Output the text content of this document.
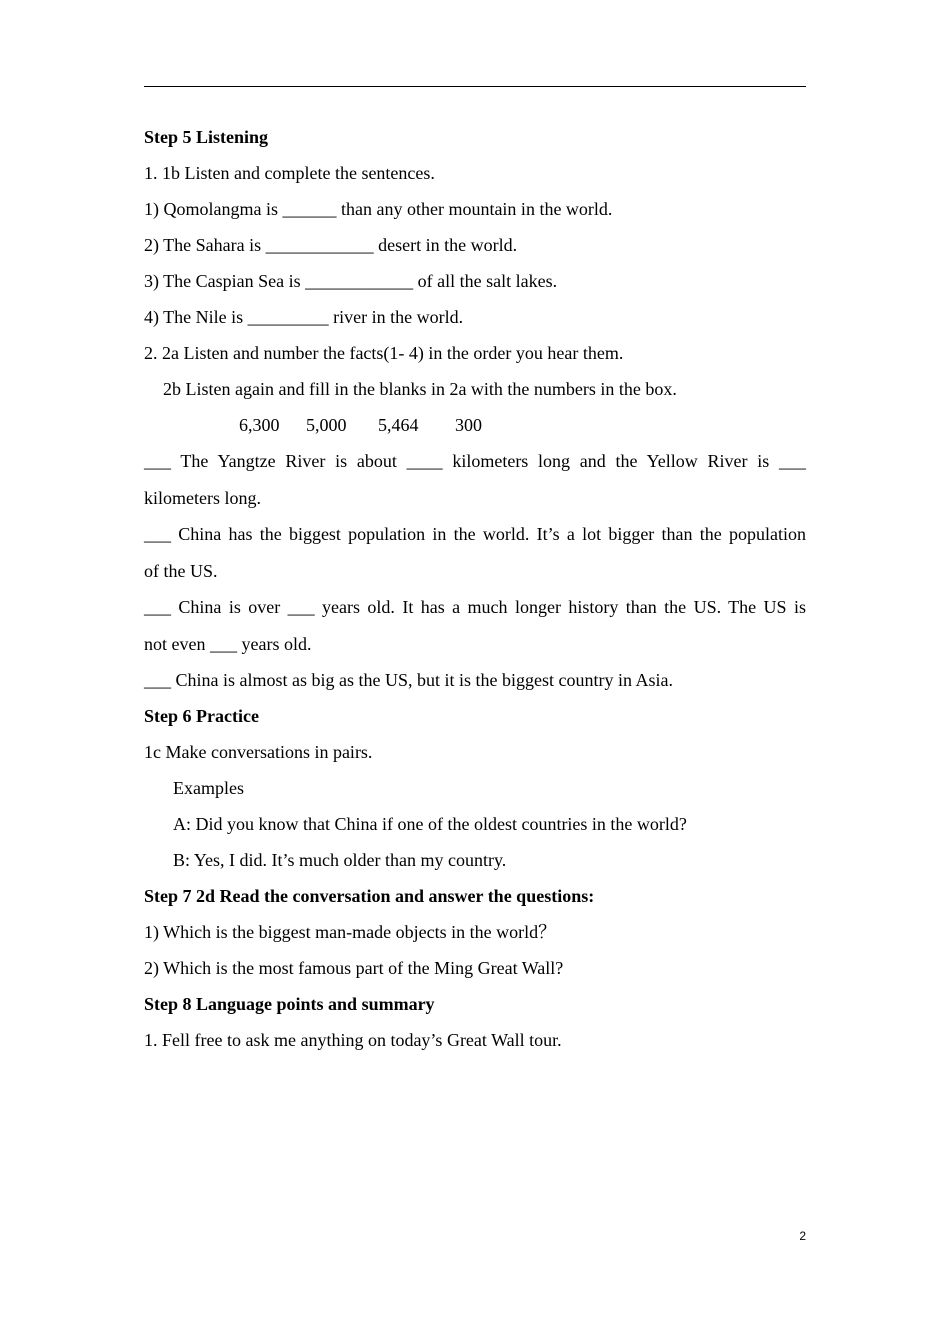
Step 5 Listening
1. 1b Listen and complete the sentences.
1) Qomolangma is ______ than any other mountain in the world.
2) The Sahara is ____________ desert in the world.
3) The Caspian Sea is ____________ of all the salt lakes.
4) The Nile is _________ river in the world.
2. 2a Listen and number the facts(1- 4) in the order you hear them.
2b Listen again and fill in the blanks in 2a with the numbers in the box.
6,300 5,000 5,464 300
___ The Yangtze River is about ____ kilometers long and the Yellow River is ___
kilometers long.
___ China has the biggest population in the world. It’s a lot bigger than the population
of the US.
___ China is over ___ years old. It has a much longer history than the US. The US is
not even ___ years old.
___ China is almost as big as the US, but it is the biggest country in Asia.
Step 6 Practice
1c Make conversations in pairs.
Examples
A: Did you know that China if one of the oldest countries in the world?
B: Yes, I did. It’s much older than my country.
Step 7 2d Read the conversation and answer the questions:
1) Which is the biggest man-made objects in the world？
2) Which is the most famous part of the Ming Great Wall?
Step 8 Language points and summary
1. Fell free to ask me anything on today’s Great Wall tour.
2
